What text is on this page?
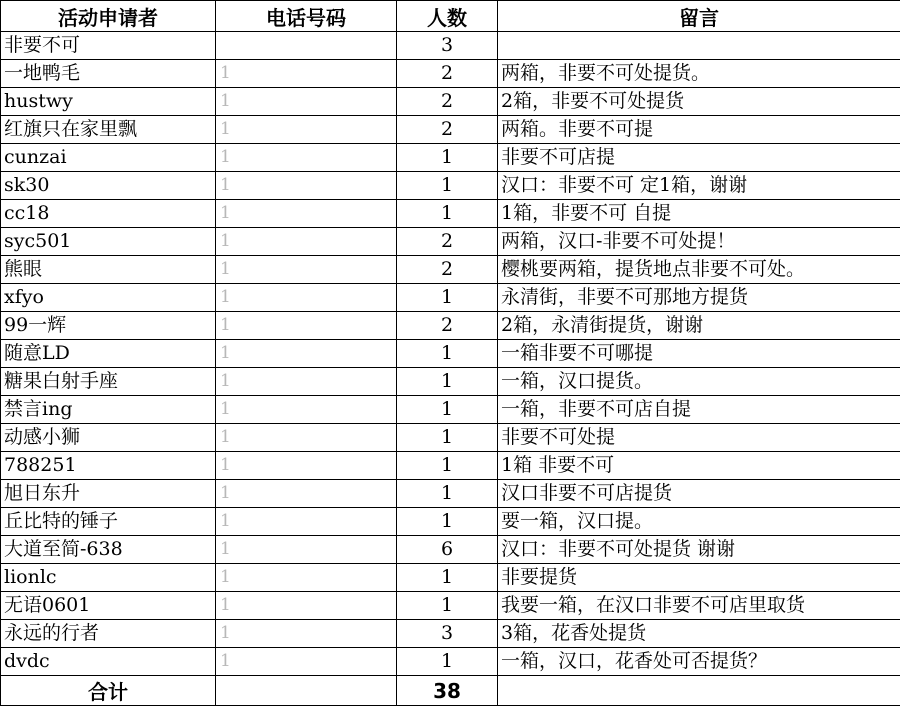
活动申请者	电话号码	人数	留言
非要不可		3	
一地鸭毛	1	2	两箱，非要不可处提货。
hustwy	1	2	2箱，非要不可处提货
红旗只在家里飘	1	2	两箱。非要不可提
cunzai	1	1	非要不可店提
sk30	1	1	汉口：非要不可 定1箱，谢谢
cc18	1	1	1箱，非要不可 自提
syc501	1	2	两箱，汉口-非要不可处提！
熊眼	1	2	樱桃要两箱，提货地点非要不可处。
xfyo	1	1	永清街，非要不可那地方提货
99一辉	1	2	2箱，永清街提货，谢谢
随意LD	1	1	一箱非要不可哪提
糖果白射手座	1	1	一箱，汉口提货。
禁言ing	1	1	一箱，非要不可店自提
动感小狮	1	1	非要不可处提
788251	1	1	1箱 非要不可
旭日东升	1	1	汉口非要不可店提货
丘比特的锤子	1	1	要一箱，汉口提。
大道至简-638	1	6	汉口：非要不可处提货 谢谢
lionlc	1	1	非要提货
无语0601	1	1	我要一箱，在汉口非要不可店里取货
永远的行者	1	3	3箱，花香处提货
dvdc	1	1	一箱，汉口，花香处可否提货？
合计		38	
